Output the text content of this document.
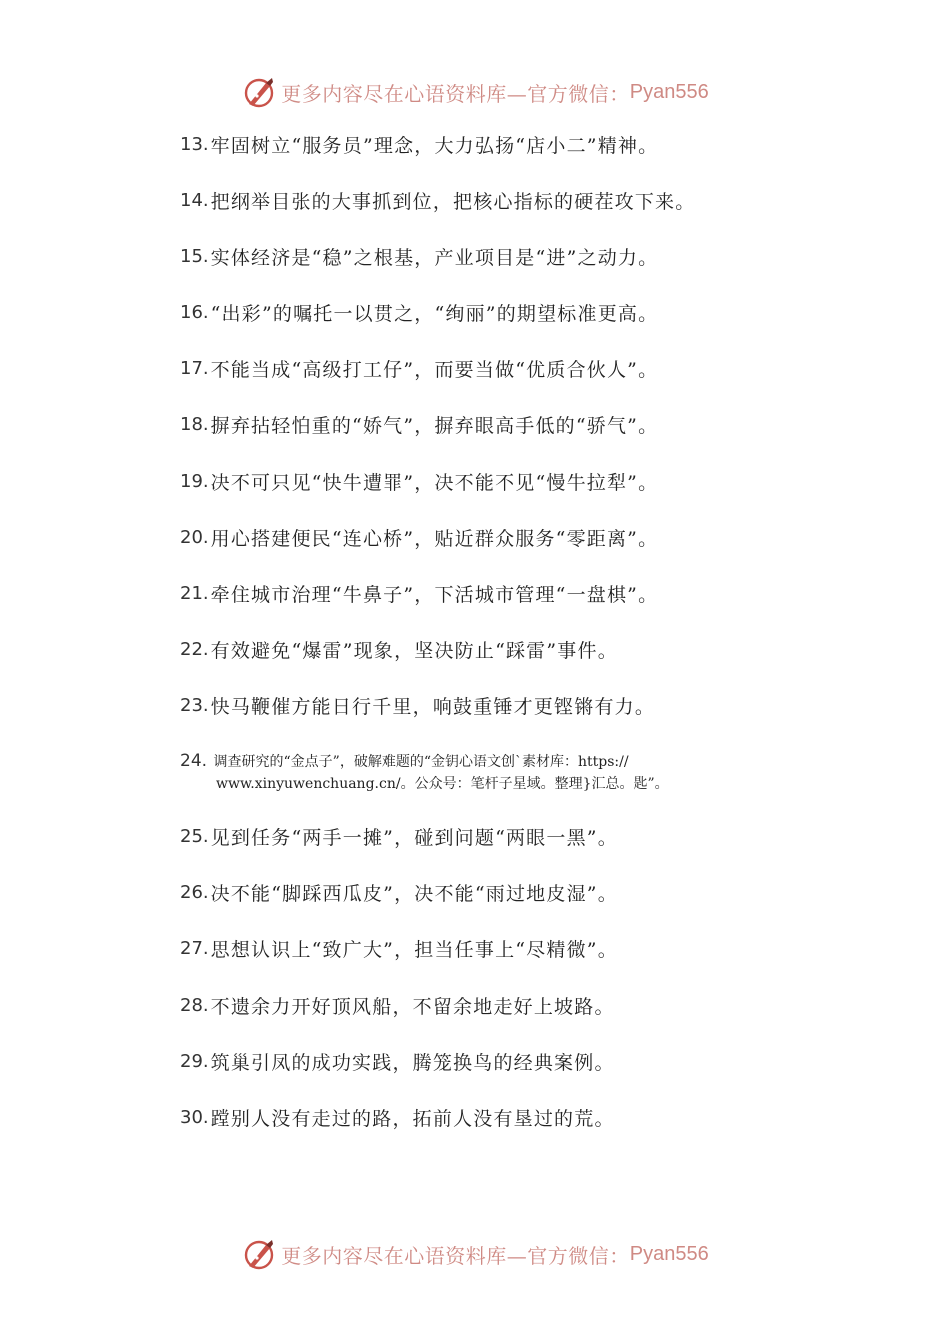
更多内容尽在心语资料库—官方微信： Pyan556
13. 牢固树立“服务员”理念，大力弘扬“店小二”精神。
14. 把纲举目张的大事抓到位，把核心指标的硬茬攻下来。
15. 实体经济是“稳”之根基，产业项目是“进”之动力。
16. “出彩”的嘱托一以贯之，“绚丽”的期望标准更高。
17. 不能当成“高级打工仔”，而要当做“优质合伙人”。
18. 摒弃拈轻怕重的“娇气”，摒弃眼高手低的“骄气”。
19. 决不可只见“快牛遭罪”，决不能不见“慢牛拉犁”。
20. 用心搭建便民“连心桥”，贴近群众服务“零距离”。
21. 牵住城市治理“牛鼻子”，下活城市管理“一盘棋”。
22. 有效避免“爆雷”现象，坚决防止“踩雷”事件。
23. 快马鞭催方能日行千里，响鼓重锤才更铿锵有力。
24. 调查研究的“金点子”，破解难题的“金钥心语文创`素材库：https://
www.xinyuwenchuang.cn/。公众号：笔杆子星域。整理}汇总。匙”。
25. 见到任务“两手一摊”，碰到问题“两眼一黑”。
26. 决不能“脚踩西瓜皮”，决不能“雨过地皮湿”。
27. 思想认识上“致广大”，担当任事上“尽精微”。
28. 不遗余力开好顶风船，不留余地走好上坡路。
29. 筑巢引凤的成功实践，腾笼换鸟的经典案例。
30. 蹚别人没有走过的路，拓前人没有垦过的荒。
更多内容尽在心语资料库—官方微信： Pyan556
